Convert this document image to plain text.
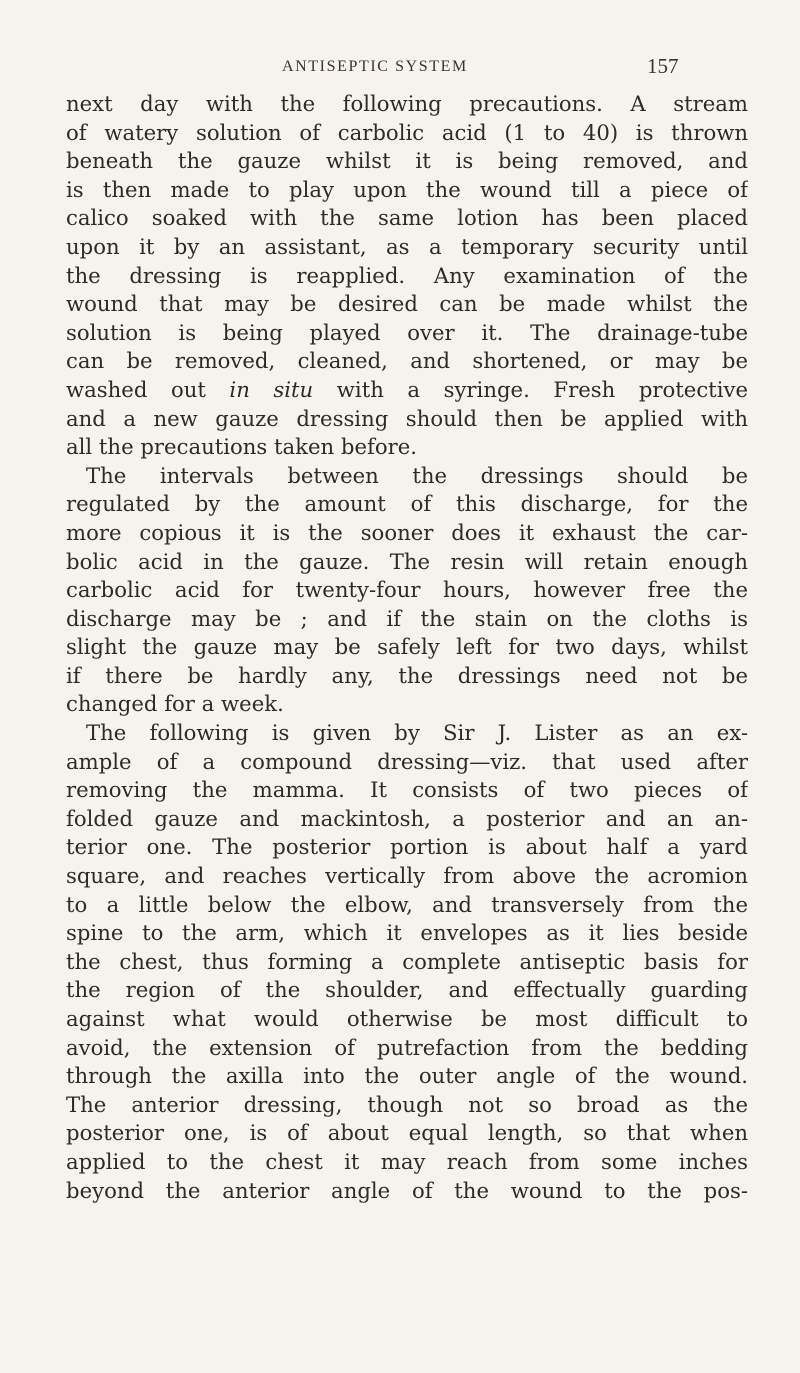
ANTISEPTIC SYSTEM	157
next day with the following precautions. A stream
of watery solution of carbolic acid (1 to 40) is thrown
beneath the gauze whilst it is being removed, and
is then made to play upon the wound till a piece of
calico soaked with the same lotion has been placed
upon it by an assistant, as a temporary security until
the dressing is reapplied. Any examination of the
wound that may be desired can be made whilst the
solution is being played over it. The drainage-tube
can be removed, cleaned, and shortened, or may be
washed out in situ with a syringe. Fresh protective
and a new gauze dressing should then be applied with
all the precautions taken before.
The intervals between the dressings should be
regulated by the amount of this discharge, for the
more copious it is the sooner does it exhaust the car-
bolic acid in the gauze. The resin will retain enough
carbolic acid for twenty-four hours, however free the
discharge may be ; and if the stain on the cloths is
slight the gauze may be safely left for two days, whilst
if there be hardly any, the dressings need not be
changed for a week.
The following is given by Sir J. Lister as an ex-
ample of a compound dressing—viz. that used after
removing the mamma. It consists of two pieces of
folded gauze and mackintosh, a posterior and an an-
terior one. The posterior portion is about half a yard
square, and reaches vertically from above the acromion
to a little below the elbow, and transversely from the
spine to the arm, which it envelopes as it lies beside
the chest, thus forming a complete antiseptic basis for
the region of the shoulder, and effectually guarding
against what would otherwise be most difficult to
avoid, the extension of putrefaction from the bedding
through the axilla into the outer angle of the wound.
The anterior dressing, though not so broad as the
posterior one, is of about equal length, so that when
applied to the chest it may reach from some inches
beyond the anterior angle of the wound to the pos-
